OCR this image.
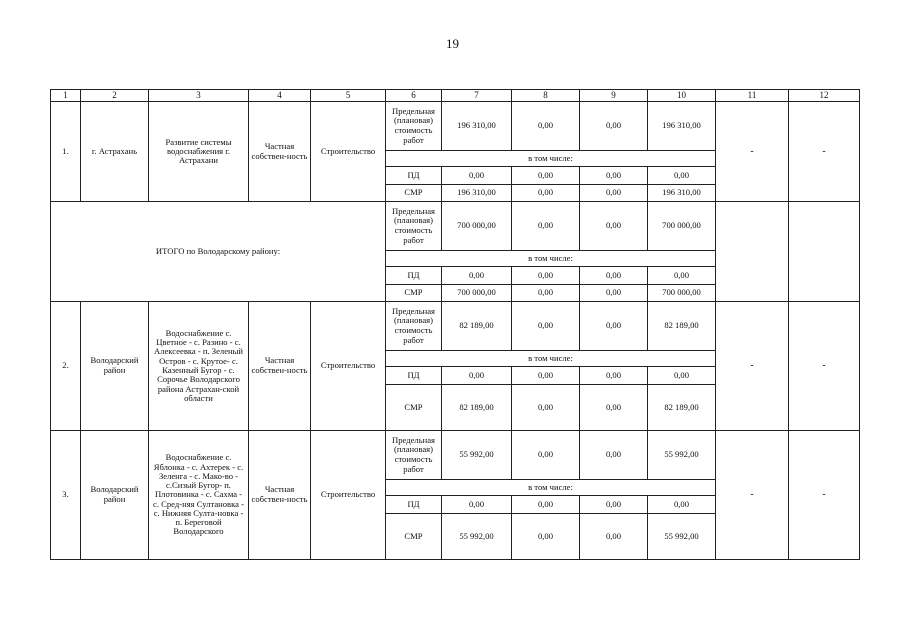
19
1	2	3	4	5	6	7	8	9	10	11	12
1.	г. Астрахань	Развитие системы водоснабжения г. Астрахани	Частная собствен-ность	Строительство	Предельная (плановая) стоимость работ	196 310,00	0,00	0,00	196 310,00	-	-
					в том числе:						
					ПД	0,00	0,00	0,00	0,00		
					СМР	196 310,00	0,00	0,00	196 310,00		
ИТОГО по Володарскому району:					Предельная (плановая) стоимость работ	700 000,00	0,00	0,00	700 000,00		
					в том числе:						
					ПД	0,00	0,00	0,00	0,00		
					СМР	700 000,00	0,00	0,00	700 000,00		
2.	Володарский район	Водоснабжение с. Цветное - с. Разино - с. Алексеевка - п. Зеленый Остров - с. Крутое- с. Казенный Бугор - с. Сорочье Володарского района Астрахан-ской области	Частная собствен-ность	Строительство	Предельная (плановая) стоимость работ	82 189,00	0,00	0,00	82 189,00	-	-
					в том числе:						
					ПД	0,00	0,00	0,00	0,00		
					СМР	82 189,00	0,00	0,00	82 189,00		
3.	Володарский район	Водоснабжение с. Яблонка - с. Ахтерек - с. Зеленга - с. Мако-во - с.Сизый Бугор- п. Плотовинка - с. Сахма - с. Сред-няя Султановка - с. Нижняя Султа-новка - п. Береговой Володарского	Частная собствен-ность	Строительство	Предельная (плановая) стоимость работ	55 992,00	0,00	0,00	55 992,00	-	-
					в том числе:						
					ПД	0,00	0,00	0,00	0,00		
					СМР	55 992,00	0,00	0,00	55 992,00		
